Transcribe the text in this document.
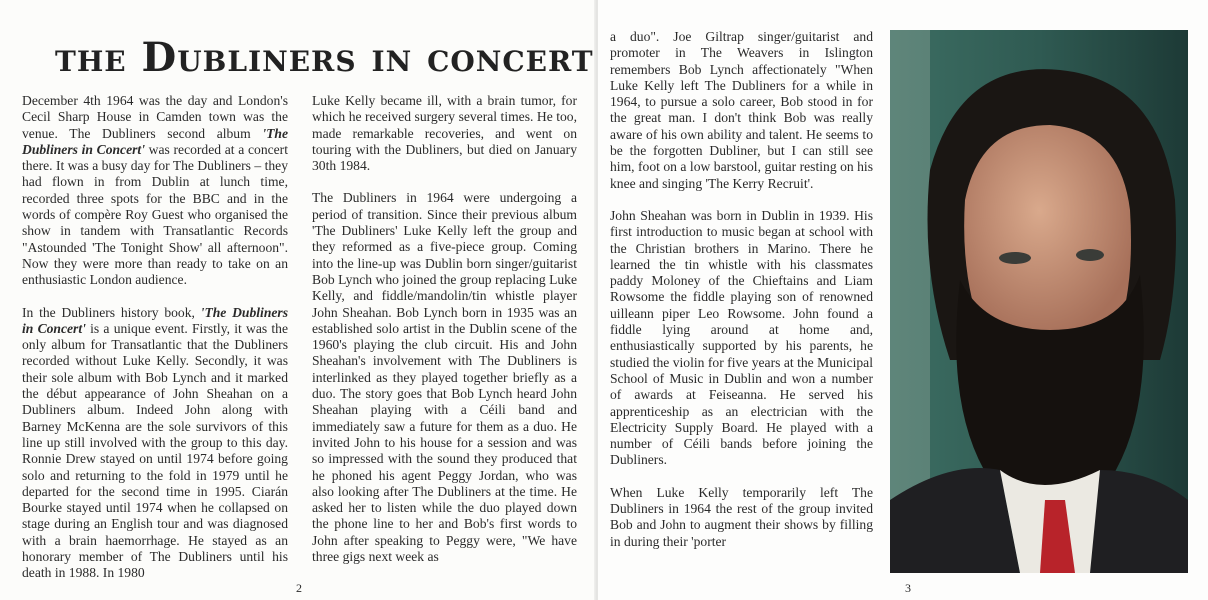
the Dubliners in concert

December 4th 1964 was the day and London's Cecil Sharp House in Camden town was the venue. The Dubliners second album 'The Dubliners in Concert' was recorded at a concert there. It was a busy day for The Dubliners – they had flown in from Dublin at lunch time, recorded three spots for the BBC and in the words of compère Roy Guest who organised the show in tandem with Transatlantic Records "Astounded 'The Tonight Show' all afternoon". Now they were more than ready to take on an enthusiastic London audience.

In the Dubliners history book, 'The Dubliners in Concert' is a unique event. Firstly, it was the only album for Transatlantic that the Dubliners recorded without Luke Kelly. Secondly, it was their sole album with Bob Lynch and it marked the début appearance of John Sheahan on a Dubliners album. Indeed John along with Barney McKenna are the sole survivors of this line up still involved with the group to this day. Ronnie Drew stayed on until 1974 before going solo and returning to the fold in 1979 until he departed for the second time in 1995. Ciarán Bourke stayed until 1974 when he collapsed on stage during an English tour and was diagnosed with a brain haemorrhage. He stayed as an honorary member of The Dubliners until his death in 1988. In 1980

Luke Kelly became ill, with a brain tumor, for which he received surgery several times. He too, made remarkable recoveries, and went on touring with the Dubliners, but died on January 30th 1984.

The Dubliners in 1964 were undergoing a period of transition. Since their previous album 'The Dubliners' Luke Kelly left the group and they reformed as a five-piece group. Coming into the line-up was Dublin born singer/guitarist Bob Lynch who joined the group replacing Luke Kelly, and fiddle/mandolin/tin whistle player John Sheahan. Bob Lynch born in 1935 was an established solo artist in the Dublin scene of the 1960's playing the club circuit. His and John Sheahan's involvement with The Dubliners is interlinked as they played together briefly as a duo. The story goes that Bob Lynch heard John Sheahan playing with a Céili band and immediately saw a future for them as a duo. He invited John to his house for a session and was so impressed with the sound they produced that he phoned his agent Peggy Jordan, who was also looking after The Dubliners at the time. He asked her to listen while the duo played down the phone line to her and Bob's first words to John after speaking to Peggy were, "We have three gigs next week as

2

a duo". Joe Giltrap singer/guitarist and promoter in The Weavers in Islington remembers Bob Lynch affectionately "When Luke Kelly left The Dubliners for a while in 1964, to pursue a solo career, Bob stood in for the great man. I don't think Bob was really aware of his own ability and talent. He seems to be the forgotten Dubliner, but I can still see him, foot on a low barstool, guitar resting on his knee and singing 'The Kerry Recruit'.

John Sheahan was born in Dublin in 1939. His first introduction to music began at school with the Christian brothers in Marino. There he learned the tin whistle with his classmates paddy Moloney of the Chieftains and Liam Rowsome the fiddle playing son of renowned uilleann piper Leo Rowsome. John found a fiddle lying around at home and, enthusiastically supported by his parents, he studied the violin for five years at the Municipal School of Music in Dublin and won a number of awards at Feiseanna. He served his apprenticeship as an electrician with the Electricity Supply Board. He played with a number of Céili bands before joining the Dubliners.

When Luke Kelly temporarily left The Dubliners in 1964 the rest of the group invited Bob and John to augment their shows by filling in during their 'porter

3
